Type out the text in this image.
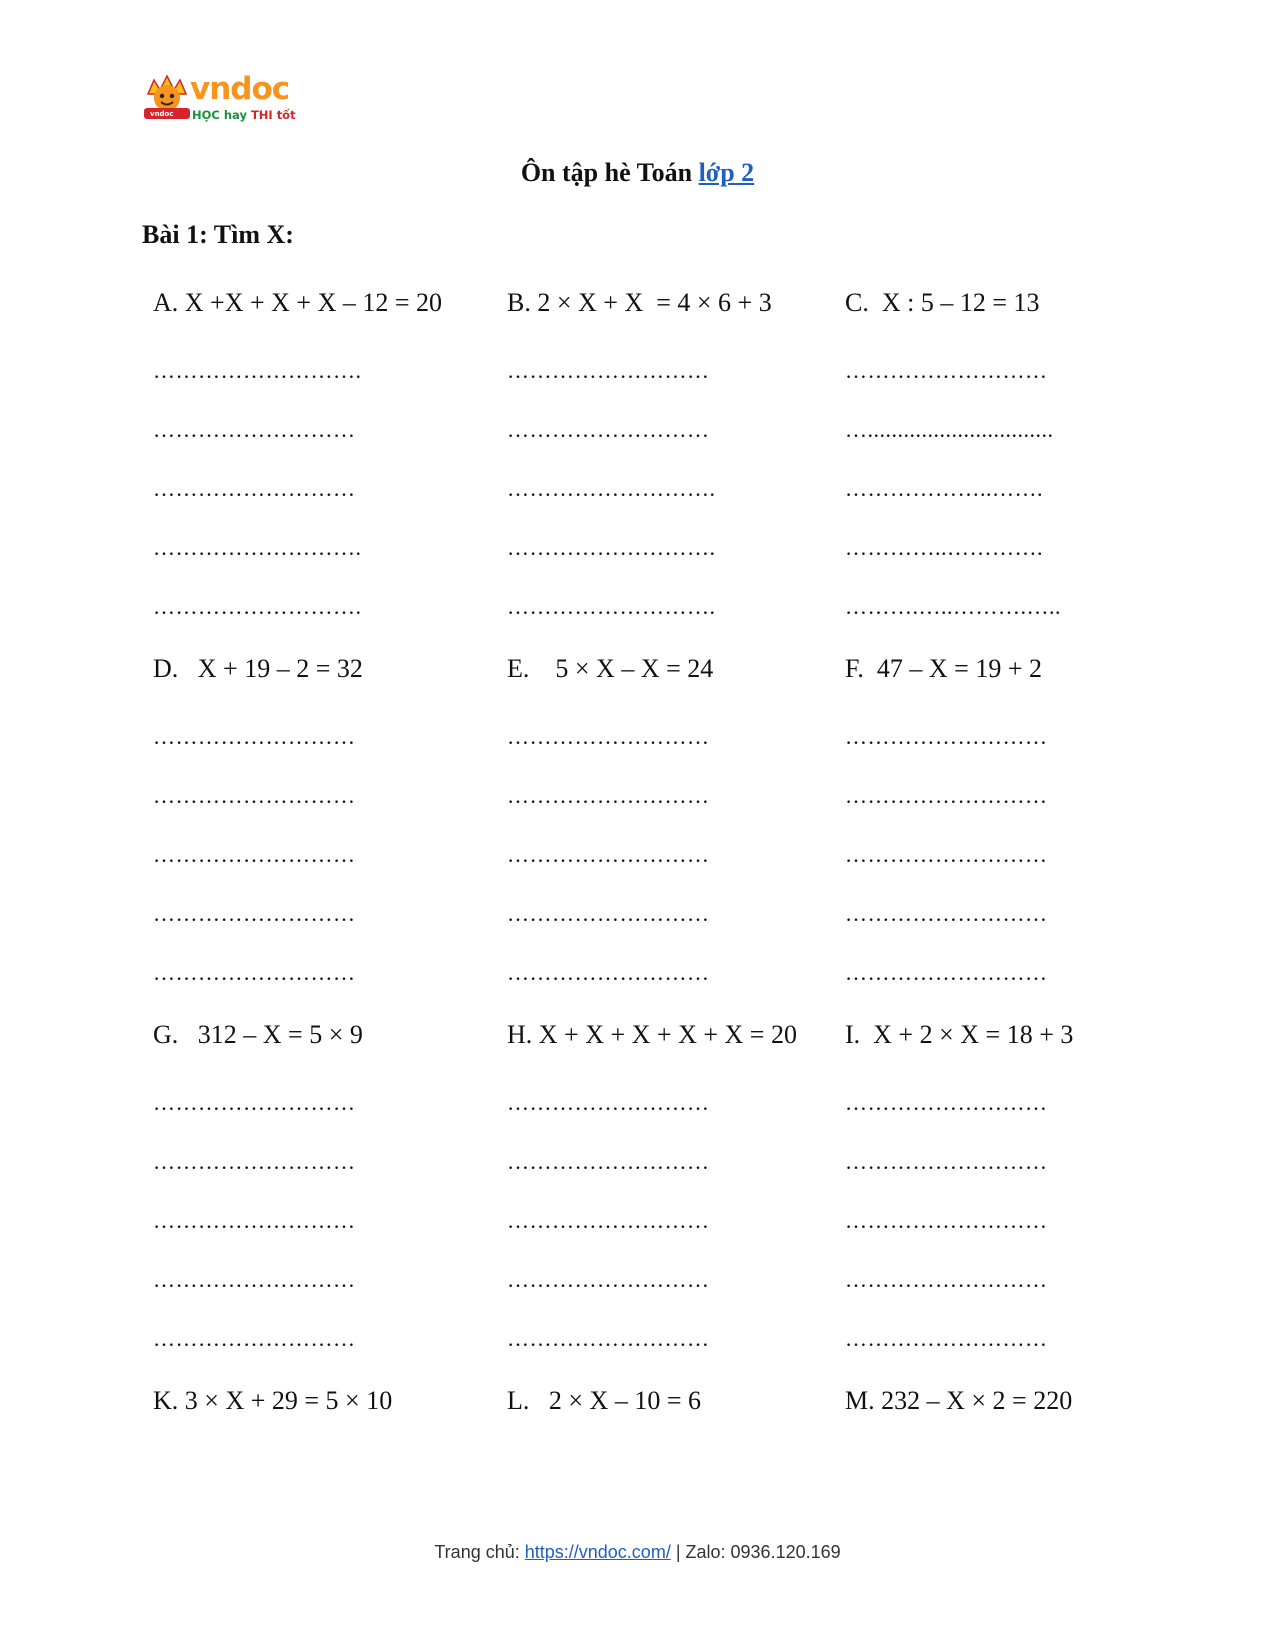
vndoc
vndoc
HỌC hay THI tốt
Ôn tập hè Toán lớp 2
Bài 1: Tìm X:
A. X +X + X + X – 12 = 20
……………………….
………………………
………………………
……………………….
……………………….
B. 2 × X + X  = 4 × 6 + 3
………………………
………………………
……………………….
……………………….
……………………….
C.  X : 5 – 12 = 13
………………………
…...............................
………………..…….
…………..………….
……….…..……….…..
D.   X + 19 – 2 = 32
………………………
………………………
………………………
………………………
………………………
E.    5 × X – X = 24
………………………
………………………
………………………
………………………
………………………
F.  47 – X = 19 + 2
………………………
………………………
………………………
………………………
………………………
G.   312 – X = 5 × 9
………………………
………………………
………………………
………………………
………………………
H. X + X + X + X + X = 20
………………………
………………………
………………………
………………………
………………………
I.  X + 2 × X = 18 + 3
………………………
………………………
………………………
………………………
………………………
K. 3 × X + 29 = 5 × 10	L.   2 × X – 10 = 6	M. 232 – X × 2 = 220
Trang chủ: https://vndoc.com/ | Zalo: 0936.120.169
